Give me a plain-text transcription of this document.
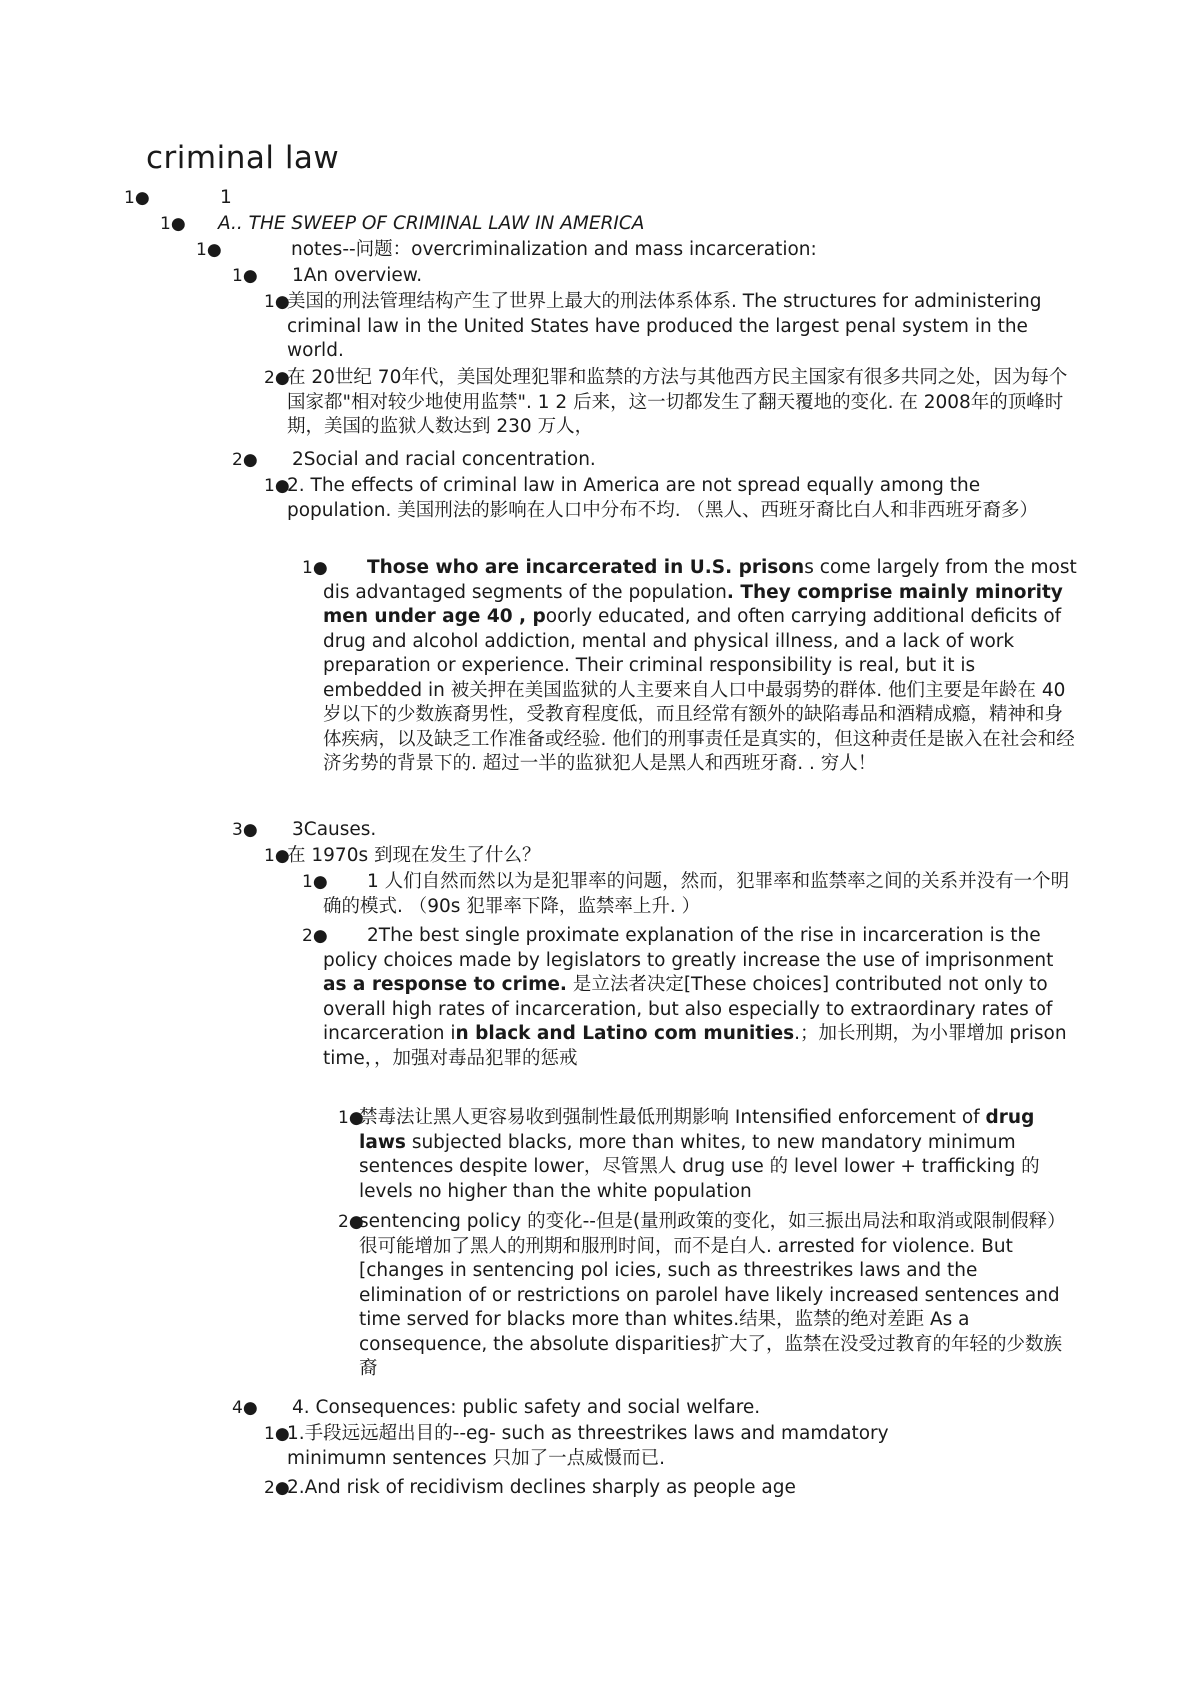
criminal law
1●	1
1● A.. THE SWEEP OF CRIMINAL LAW IN AMERICA
1●	notes--问题：overcriminalization and mass incarceration:
1● 1An overview.
1●
美国的刑法管理结构产生了世界上最大的刑法体系体系. The structures for administering criminal law in the United States have produced the largest penal system in the world.
2●
在 20世纪 70年代，美国处理犯罪和监禁的方法与其他西方民主国家有很多共同之处，因为每个国家都"相对较少地使用监禁". 1 2 后来，这一切都发生了翻天覆地的变化. 在 2008年的顶峰时期，美国的监狱人数达到 230 万人，
2● 2Social and racial concentration.
1●
2. The effects of criminal law in America are not spread equally among the population. 美国刑法的影响在人口中分布不均. （黑人、西班牙裔比白人和非西班牙裔多）
1●	Those who are incarcerated in U.S. prisons come largely from the most dis advantaged segments of the population. They comprise mainly minority men under age 40 , poorly educated, and often carrying additional deficits of drug and alcohol addiction, mental and physical illness, and a lack of work preparation or experience. Their criminal responsibility is real, but it is embedded in 被关押在美国监狱的人主要来自人口中最弱势的群体. 他们主要是年龄在 40 岁以下的少数族裔男性，受教育程度低，而且经常有额外的缺陷毒品和酒精成瘾，精神和身体疾病，以及缺乏工作准备或经验. 他们的刑事责任是真实的，但这种责任是嵌入在社会和经济劣势的背景下的. 超过一半的监狱犯人是黑人和西班牙裔. . 穷人！
3● 3Causes.
1●
在 1970s 到现在发生了什么？
1●	1 人们自然而然以为是犯罪率的问题，然而，犯罪率和监禁率之间的关系并没有一个明确的模式. （90s 犯罪率下降，监禁率上升. ）
2●	2The best single proximate explanation of the rise in incarceration is the policy choices made by legislators to greatly increase the use of imprisonment as a response to crime. 是立法者决定[These choices] contributed not only to overall high rates of incarceration, but also especially to extraordinary rates of incarceration in black and Latino com munities.；加长刑期，为小罪增加 prison time，，加强对毒品犯罪的惩戒
1●
禁毒法让黑人更容易收到强制性最低刑期影响 Intensified enforcement of drug laws subjected blacks, more than whites, to new mandatory minimum sentences despite lower，尽管黑人 drug use 的 level lower + trafficking 的 levels no higher than the white population
2●
sentencing policy 的变化--但是(量刑政策的变化，如三振出局法和取消或限制假释）很可能增加了黑人的刑期和服刑时间，而不是白人. arrested for violence. But [changes in sentencing pol icies, such as threestrikes laws and the elimination of or restrictions on parolel have likely increased sentences and time served for blacks more than whites.结果，监禁的绝对差距 As a consequence, the absolute disparities扩大了，监禁在没受过教育的年轻的少数族裔
4● 4. Consequences: public safety and social welfare.
1●
1.手段远远超出目的--eg- such as threestrikes laws and mamdatory minimumn sentences 只加了一点威慑而已.
2●
2.And risk of recidivism declines sharply as people age
